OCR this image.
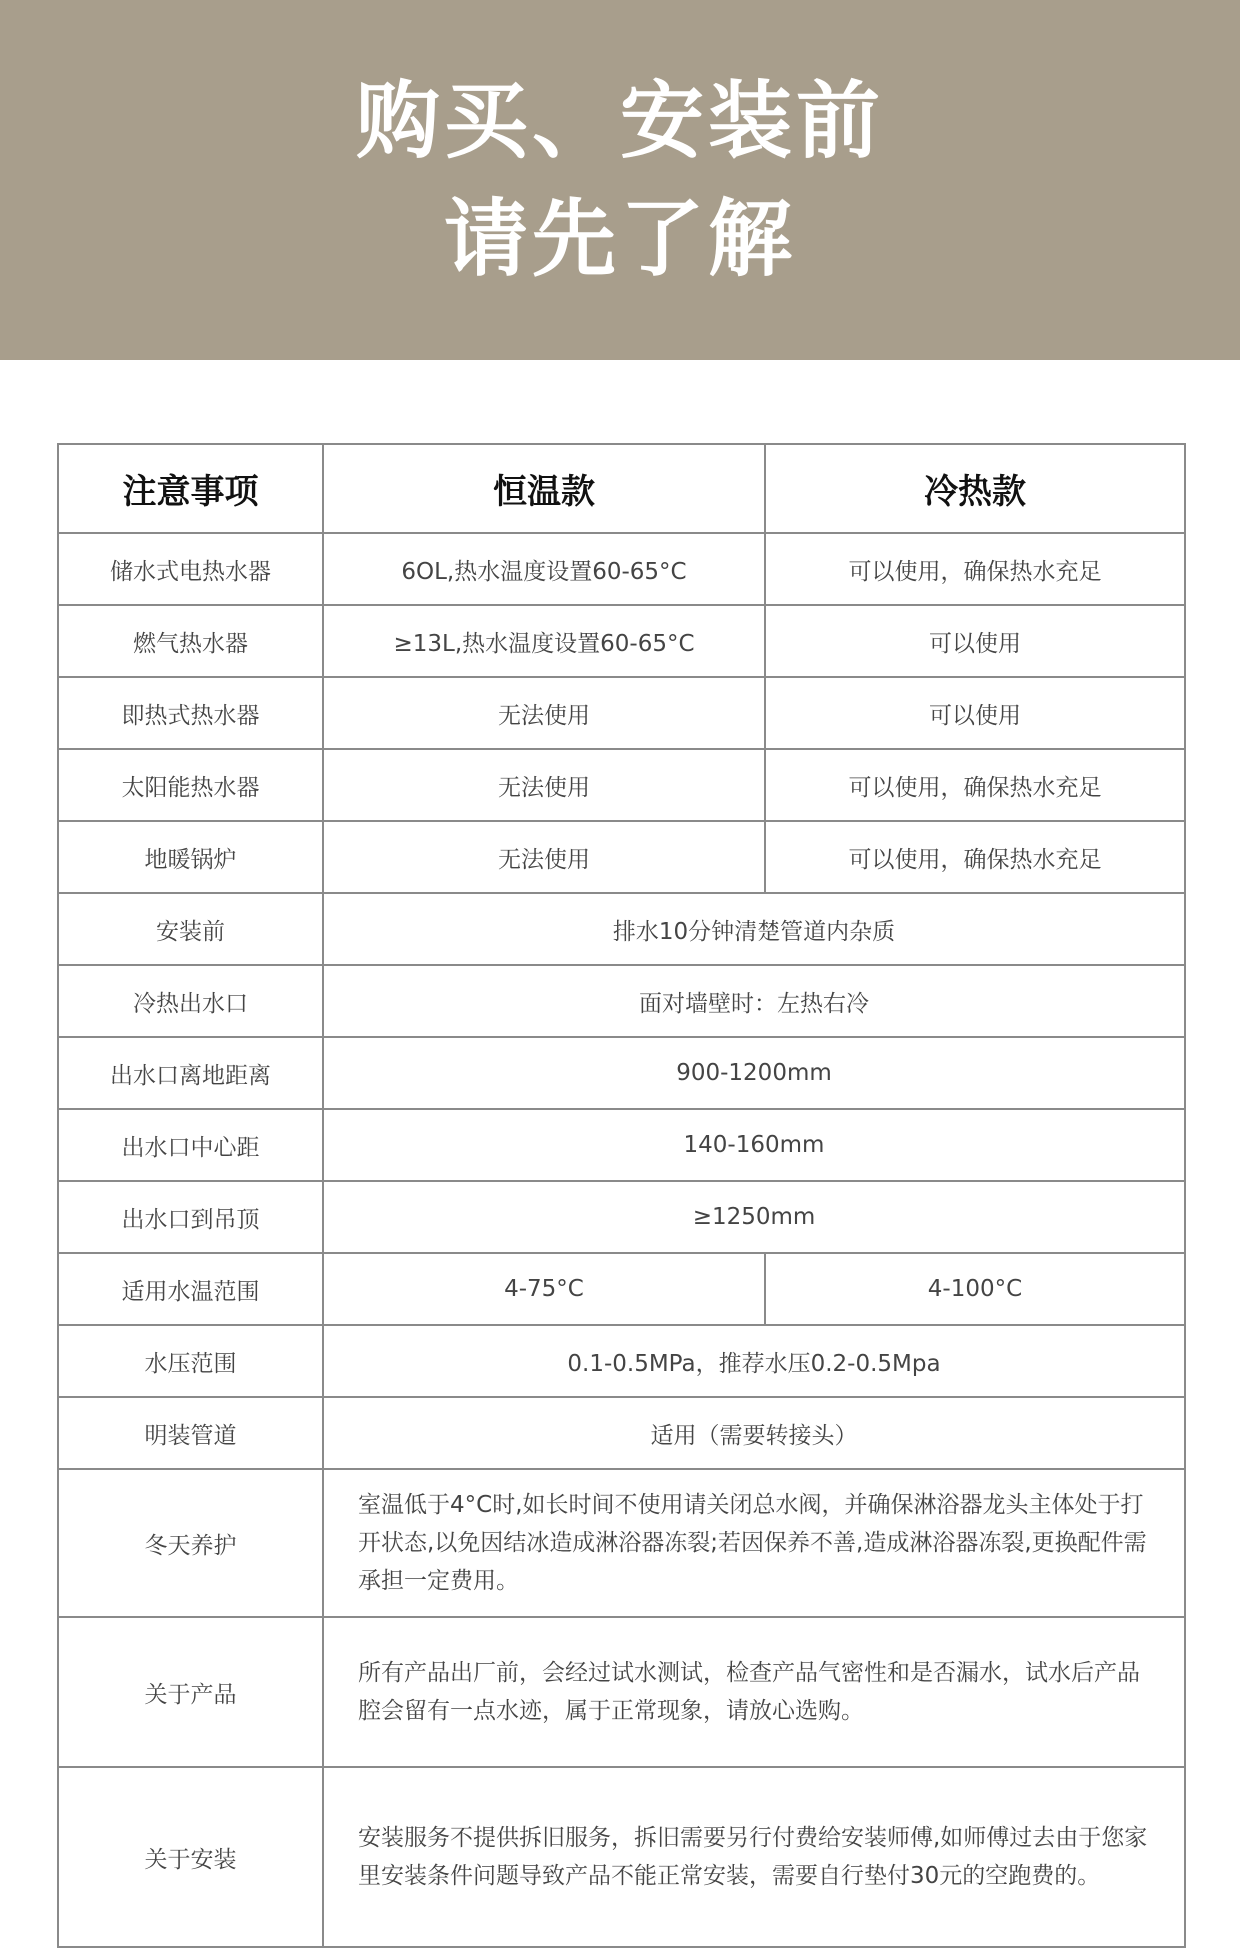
购买、安装前
请先了解
注意事项	恒温款	冷热款
储水式电热水器	6OL,热水温度设置60-65°C	可以使用，确保热水充足
燃气热水器	≥13L,热水温度设置60-65°C	可以使用
即热式热水器	无法使用	可以使用
太阳能热水器	无法使用	可以使用，确保热水充足
地暖锅炉	无法使用	可以使用，确保热水充足
安装前	排水10分钟清楚管道内杂质	
冷热出水口	面对墙壁时：左热右冷	
出水口离地距离	900-1200mm	
出水口中心距	140-160mm	
出水口到吊顶	≥1250mm	
适用水温范围	4-75°C	4-100°C
水压范围	0.1-0.5MPa，推荐水压0.2-0.5Mpa	
明装管道	适用（需要转接头）	
冬天养护	室温低于4°C时,如长时间不使用请关闭总水阀，并确保淋浴器龙头主体处于打开状态,以免因结冰造成淋浴器冻裂;若因保养不善,造成淋浴器冻裂,更换配件需承担一定费用。	
关于产品	所有产品出厂前，会经过试水测试，检查产品气密性和是否漏水，试水后产品腔会留有一点水迹，属于正常现象，请放心选购。	
关于安装	安装服务不提供拆旧服务，拆旧需要另行付费给安装师傅,如师傅过去由于您家里安装条件问题导致产品不能正常安装，需要自行垫付30元的空跑费的。	
